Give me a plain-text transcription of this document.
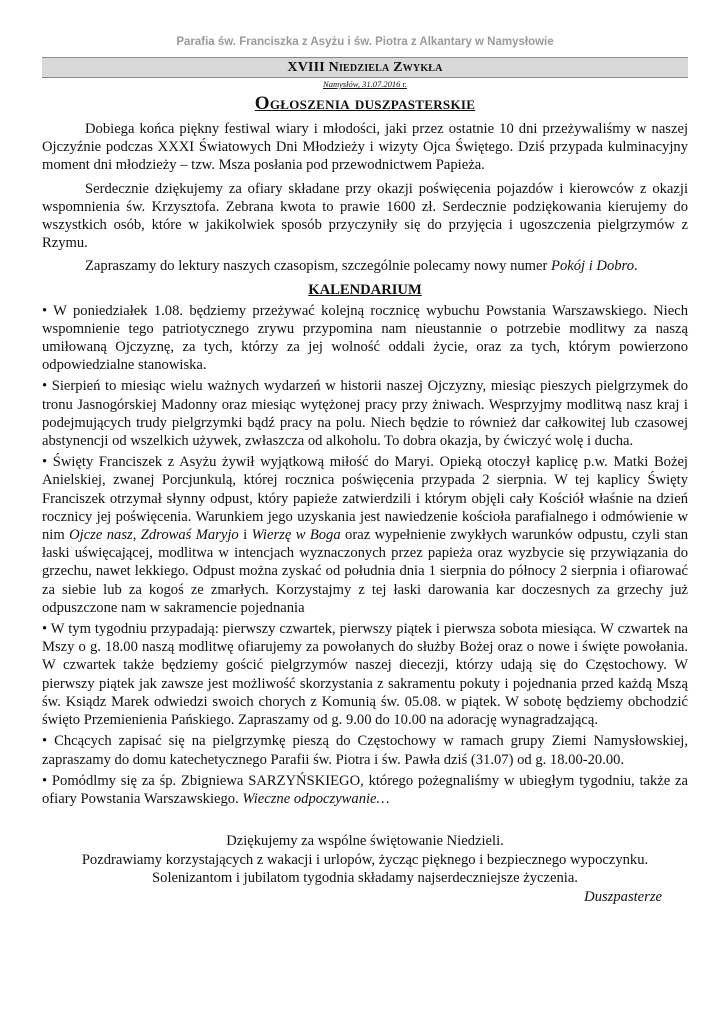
Parafia św. Franciszka z Asyżu i św. Piotra z Alkantary w Namysłowie
XVIII Niedziela Zwykła
Namysłów, 31.07.2016 r.
Ogłoszenia duszpasterskie

Dobiega końca piękny festiwal wiary i młodości, jaki przez ostatnie 10 dni przeżywaliśmy w naszej Ojczyźnie podczas XXXI Światowych Dni Młodzieży i wizyty Ojca Świętego. Dziś przypada kulminacyjny moment dni młodzieży – tzw. Msza posłania pod przewodnictwem Papieża.

Serdecznie dziękujemy za ofiary składane przy okazji poświęcenia pojazdów i kierowców z okazji wspomnienia św. Krzysztofa. Zebrana kwota to prawie 1600 zł. Serdecznie podziękowania kierujemy do wszystkich osób, które w jakikolwiek sposób przyczyniły się do przyjęcia i ugoszczenia pielgrzymów z Rzymu.

Zapraszamy do lektury naszych czasopism, szczególnie polecamy nowy numer Pokój i Dobro.

KALENDARIUM

• W poniedziałek 1.08. będziemy przeżywać kolejną rocznicę wybuchu Powstania Warszawskiego. Niech wspomnienie tego patriotycznego zrywu przypomina nam nieustannie o potrzebie modlitwy za naszą umiłowaną Ojczyznę, za tych, którzy za jej wolność oddali życie, oraz za tych, którym powierzono odpowiedzialne stanowiska.

• Sierpień to miesiąc wielu ważnych wydarzeń w historii naszej Ojczyzny, miesiąc pieszych pielgrzymek do tronu Jasnogórskiej Madonny oraz miesiąc wytężonej pracy przy żniwach. Wesprzyjmy modlitwą nasz kraj i podejmujących trudy pielgrzymki bądź pracy na polu. Niech będzie to również dar całkowitej lub czasowej abstynencji od wszelkich używek, zwłaszcza od alkoholu. To dobra okazja, by ćwiczyć wolę i ducha.

• Święty Franciszek z Asyżu żywił wyjątkową miłość do Maryi. Opieką otoczył kaplicę p.w. Matki Bożej Anielskiej, zwanej Porcjunkulą, której rocznica poświęcenia przypada 2 sierpnia. W tej kaplicy Święty Franciszek otrzymał słynny odpust, który papieże zatwierdzili i którym objęli cały Kościół właśnie na dzień rocznicy jej poświęcenia. Warunkiem jego uzyskania jest nawiedzenie kościoła parafialnego i odmówienie w nim Ojcze nasz, Zdrowaś Maryjo i Wierzę w Boga oraz wypełnienie zwykłych warunków odpustu, czyli stan łaski uświęcającej, modlitwa w intencjach wyznaczonych przez papieża oraz wyzbycie się przywiązania do grzechu, nawet lekkiego. Odpust można zyskać od południa dnia 1 sierpnia do północy 2 sierpnia i ofiarować za siebie lub za kogoś ze zmarłych. Korzystajmy z tej łaski darowania kar doczesnych za grzechy już odpuszczone nam w sakramencie pojednania

• W tym tygodniu przypadają: pierwszy czwartek, pierwszy piątek i pierwsza sobota miesiąca. W czwartek na Mszy o g. 18.00 naszą modlitwę ofiarujemy za powołanych do służby Bożej oraz o nowe i święte powołania. W czwartek także będziemy gościć pielgrzymów naszej diecezji, którzy udają się do Częstochowy. W pierwszy piątek jak zawsze jest możliwość skorzystania z sakramentu pokuty i pojednania przed każdą Mszą św. Ksiądz Marek odwiedzi swoich chorych z Komunią św. 05.08. w piątek. W sobotę będziemy obchodzić święto Przemienienia Pańskiego. Zapraszamy od g. 9.00 do 10.00 na adorację wynagradzającą.

• Chcących zapisać się na pielgrzymkę pieszą do Częstochowy w ramach grupy Ziemi Namysłowskiej, zapraszamy do domu katechetycznego Parafii św. Piotra i św. Pawła dziś (31.07) od g. 18.00-20.00.

• Pomódlmy się za śp. Zbigniewa SARZYŃSKIEGO, którego pożegnaliśmy w ubiegłym tygodniu, także za ofiary Powstania Warszawskiego. Wieczne odpoczywanie…

Dziękujemy za wspólne świętowanie Niedzieli.
Pozdrawiamy korzystających z wakacji i urlopów, życząc pięknego i bezpiecznego wypoczynku.
Solenizantom i jubilatom tygodnia składamy najserdeczniejsze życzenia.
Duszpasterze
